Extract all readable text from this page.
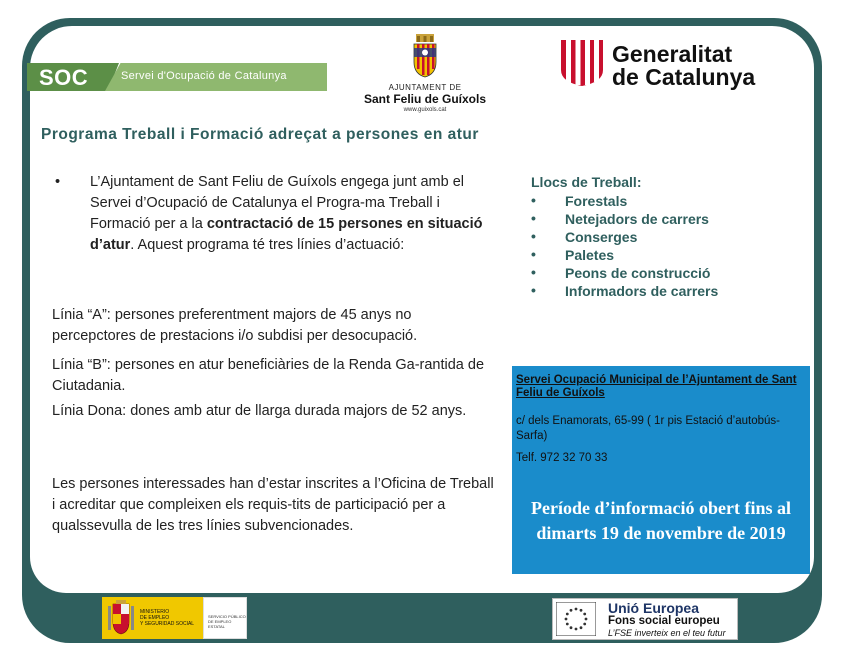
SOC	Servei d'Ocupació de Catalunya
AJUNTAMENT DE
Sant Feliu de Guíxols
www.guixols.cat
Generalitat
de Catalunya
Programa Treball i Formació adreçat a persones en atur
• L’Ajuntament de Sant Feliu de Guíxols engega junt amb el Servei d’Ocupació de Catalunya el Progra-ma Treball i Formació per a la contractació de 15 persones en situació d’atur. Aquest programa té tres línies d’actuació:

Línia “A”: persones preferentment majors de 45 anys no percepctores de prestacions i/o subdisi per desocupació.

Línia “B”: persones en atur beneficiàries de la Renda Ga-rantida de Ciutadania.

Línia Dona: dones amb atur de llarga durada majors de 52 anys.

Les persones interessades han d’estar inscrites a l’Oficina de Treball i acreditar que compleixen els requis-tits de participació per a qualssevulla de les tres línies subvencionades.

Llocs de Treball:
• Forestals
• Netejadors de carrers
• Conserges
• Paletes
• Peons de construcció
• Informadors de carrers
Servei Ocupació Municipal de l’Ajuntament de Sant Feliu de Guíxols
c/ dels Enamorats, 65-99 ( 1r pis Estació d’autobús-Sarfa)
Telf. 972 32 70 33
Període d’informació obert fins al dimarts 19 de novembre de 2019
MINISTERIO
DE EMPLEO
Y SEGURIDAD SOCIAL
SERVICIO PÚBLICO DE EMPLEO ESTATAL
Unió Europea
Fons social europeu
L’FSE inverteix en el teu futur
